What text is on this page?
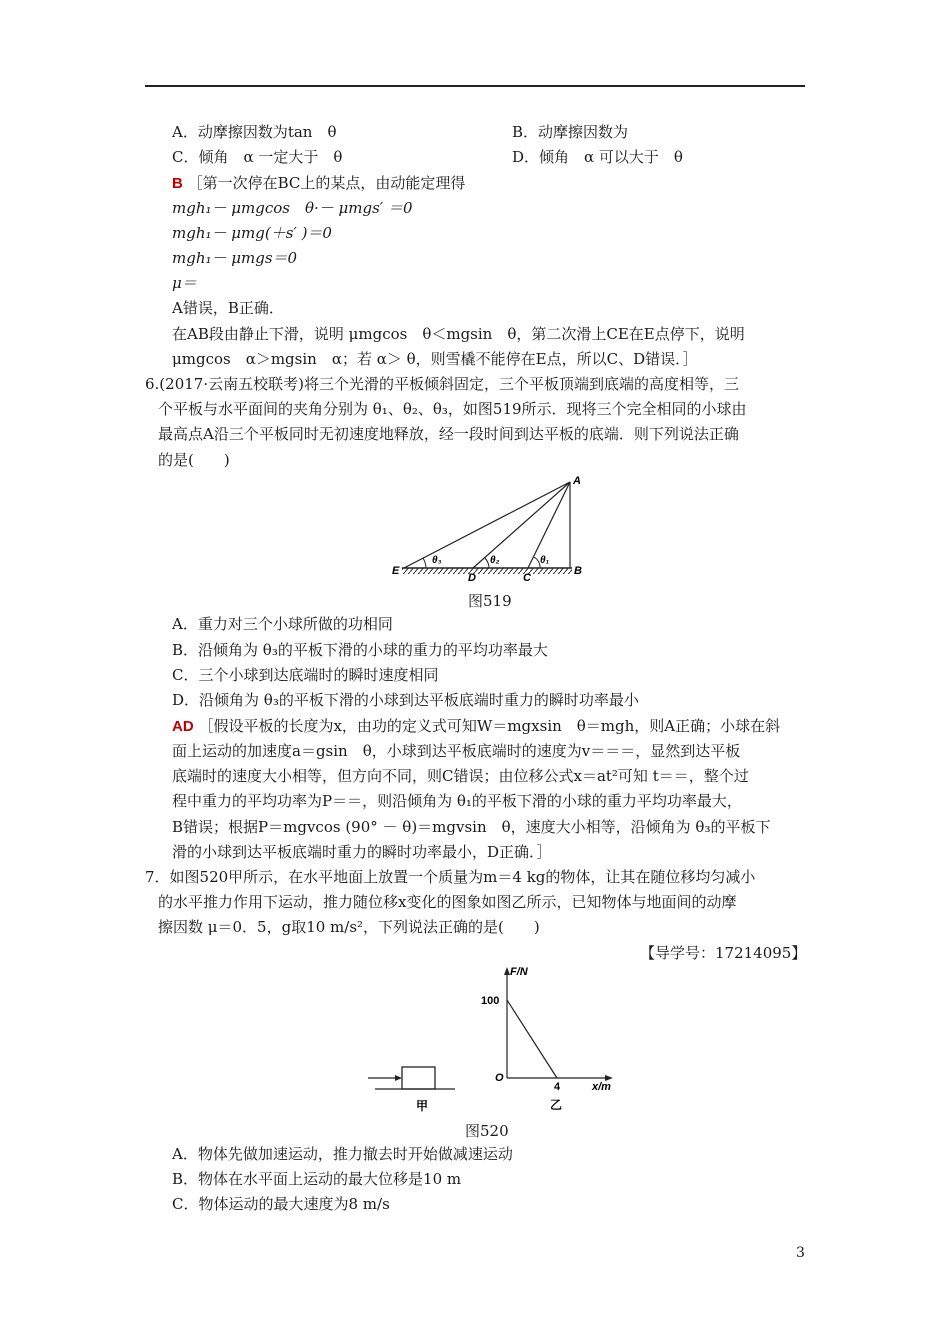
A．动摩擦因数为tan　θ	B．动摩擦因数为
C．倾角　α 一定大于　θ	D．倾角　α 可以大于　θ
B ［第一次停在BC上的某点，由动能定理得
mgh₁－ μmgcos　θ·－ μmgs′ ＝0
mgh₁－ μmg(＋s′ )＝0
mgh₁－ μmgs＝0
μ＝
A错误，B正确．
在AB段由静止下滑，说明 μmgcos　θ＜mgsin　θ，第二次滑上CE在E点停下，说明
μmgcos　α＞mgsin　α；若 α＞ θ，则雪橇不能停在E点，所以C、D错误．］
6.(2017·云南五校联考)将三个光滑的平板倾斜固定，三个平板顶端到底端的高度相等，三
个平板与水平面间的夹角分别为 θ₁、θ₂、θ₃，如图519所示．现将三个完全相同的小球由
最高点A沿三个平板同时无初速度地释放，经一段时间到达平板的底端．则下列说法正确
的是(　　)
A
B
C
D
E
θ₃	θ₂	θ₁
图519
A．重力对三个小球所做的功相同
B．沿倾角为 θ₃的平板下滑的小球的重力的平均功率最大
C．三个小球到达底端时的瞬时速度相同
D．沿倾角为 θ₃的平板下滑的小球到达平板底端时重力的瞬时功率最小
AD ［假设平板的长度为x，由功的定义式可知W＝mgxsin　θ＝mgh，则A正确；小球在斜
面上运动的加速度a＝gsin　θ，小球到达平板底端时的速度为v＝＝＝，显然到达平板
底端时的速度大小相等，但方向不同，则C错误；由位移公式x＝at²可知 t＝＝，整个过
程中重力的平均功率为P＝＝，则沿倾角为 θ₁的平板下滑的小球的重力平均功率最大，
B错误；根据P＝mgvcos (90° － θ)＝mgvsin　θ，速度大小相等，沿倾角为 θ₃的平板下
滑的小球到达平板底端时重力的瞬时功率最小，D正确．］
7．如图520甲所示，在水平地面上放置一个质量为m＝4 kg的物体，让其在随位移均匀减小
的水平推力作用下运动，推力随位移x变化的图象如图乙所示，已知物体与地面间的动摩
擦因数 μ＝0．5，g取10 m/s²，下列说法正确的是(　　)
【导学号：17214095】
甲
F/N
x/m
O
100
4
乙
图520
A．物体先做加速运动，推力撤去时开始做减速运动
B．物体在水平面上运动的最大位移是10 m
C．物体运动的最大速度为8 m/s
3
